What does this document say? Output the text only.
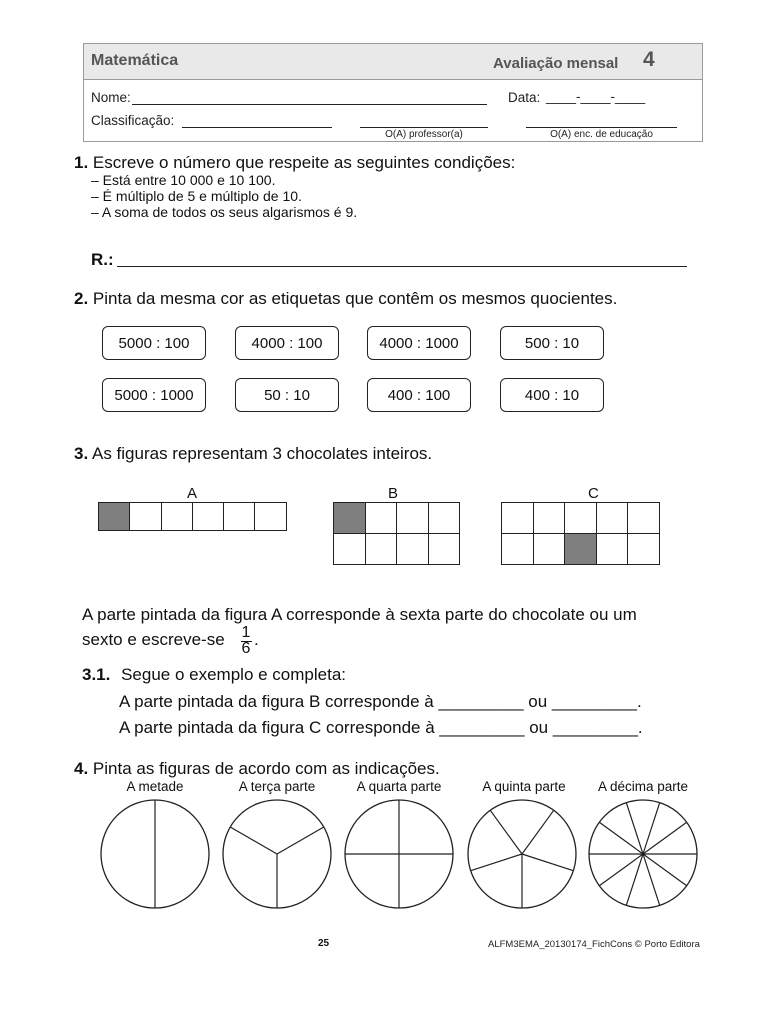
Matemática	Avaliação mensal 4
Nome:	Data: ____-____-____
Classificação:
O(A) professor(a)	O(A) enc. de educação
1. Escreve o número que respeite as seguintes condições:
– Está entre 10 000 e 10 100.
– É múltiplo de 5 e múltiplo de 10.
– A soma de todos os seus algarismos é 9.
R.:
2. Pinta da mesma cor as etiquetas que contêm os mesmos quocientes.
5000 : 100	4000 : 100	4000 : 1000	500 : 10
5000 : 1000	50 : 10	400 : 100	400 : 10
3. As figuras representam 3 chocolates inteiros.
A	B	C
A parte pintada da figura A corresponde à sexta parte do chocolate ou um
sexto e escreve-se 1
6 .
3.1. Segue o exemplo e completa:
A parte pintada da figura B corresponde à _________ ou _________.
A parte pintada da figura C corresponde à _________ ou _________.
4. Pinta as figuras de acordo com as indicações.
A metade	A terça parte	A quarta parte	A quinta parte	A décima parte
25	ALFM3EMA_20130174_FichCons © Porto Editora
